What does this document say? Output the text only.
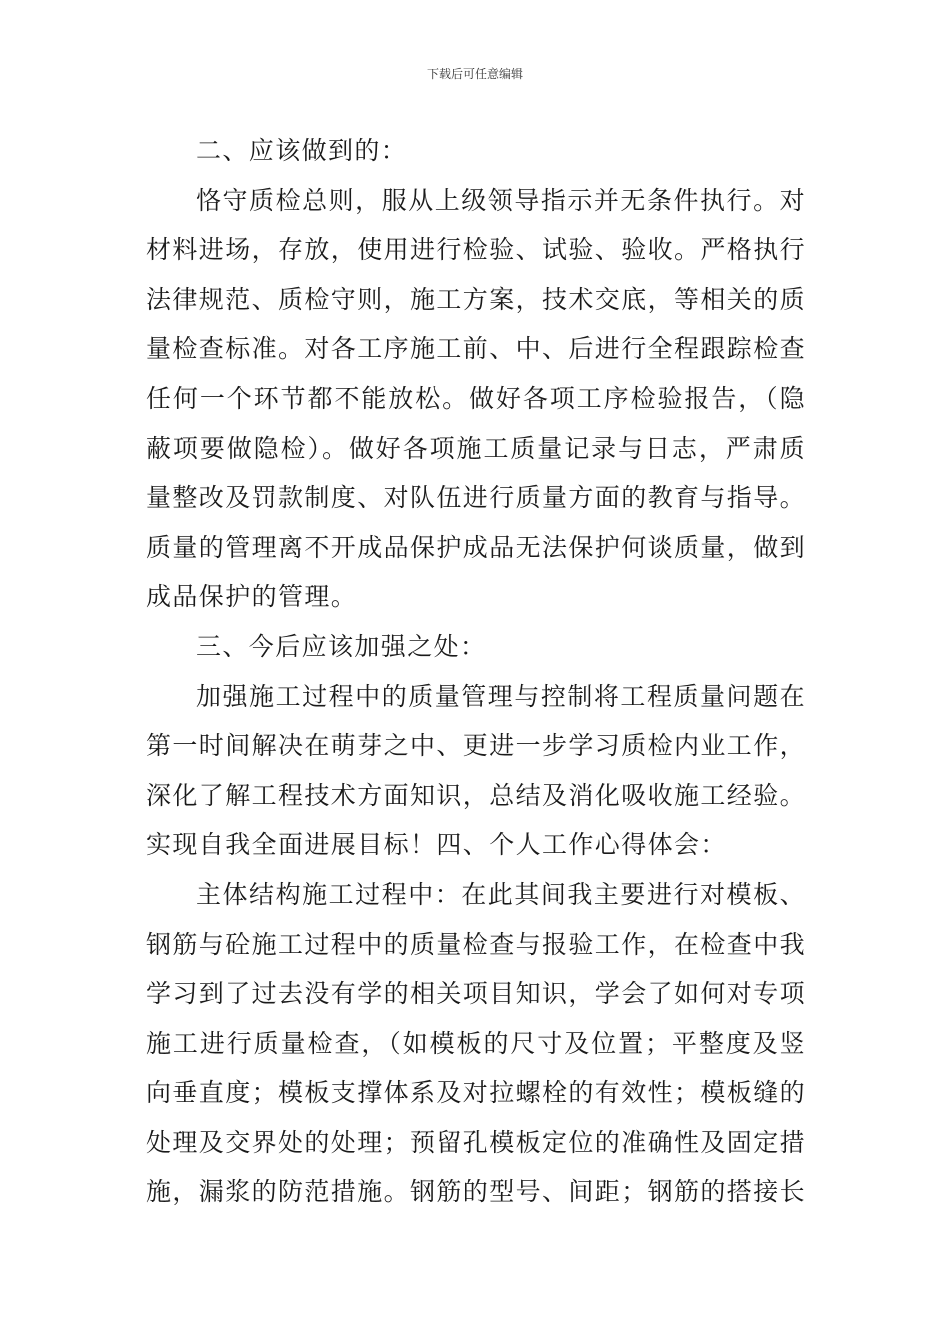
下载后可任意编辑

二、应该做到的：

恪守质检总则，服从上级领导指示并无条件执行。对材料进场，存放，使用进行检验、试验、验收。严格执行法律规范、质检守则，施工方案，技术交底，等相关的质量检查标准。对各工序施工前、中、后进行全程跟踪检查任何一个环节都不能放松。做好各项工序检验报告，（隐蔽项要做隐检）。做好各项施工质量记录与日志，严肃质量整改及罚款制度、对队伍进行质量方面的教育与指导。质量的管理离不开成品保护成品无法保护何谈质量，做到成品保护的管理。

三、今后应该加强之处：

加强施工过程中的质量管理与控制将工程质量问题在第一时间解决在萌芽之中、更进一步学习质检内业工作，深化了解工程技术方面知识，总结及消化吸收施工经验。实现自我全面进展目标！四、个人工作心得体会：

主体结构施工过程中：在此其间我主要进行对模板、钢筋与砼施工过程中的质量检查与报验工作，在检查中我学习到了过去没有学的相关项目知识，学会了如何对专项施工进行质量检查，（如模板的尺寸及位置；平整度及竖向垂直度；模板支撑体系及对拉螺栓的有效性；模板缝的处理及交界处的处理；预留孔模板定位的准确性及固定措施，漏浆的防范措施。钢筋的型号、间距；钢筋的搭接长
